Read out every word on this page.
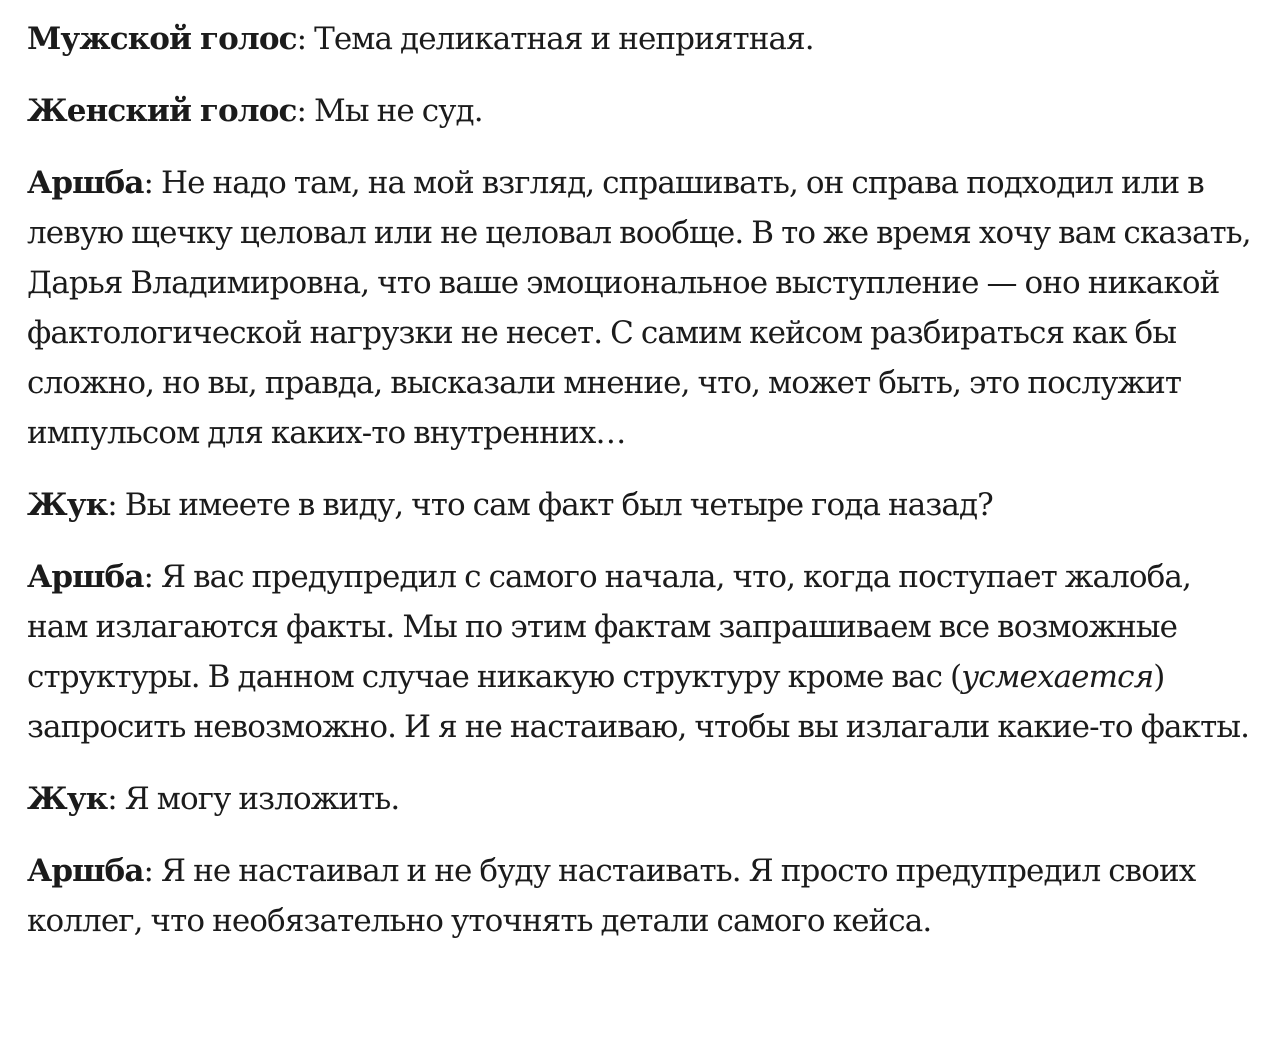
Мужской голос: Тема деликатная и неприятная.

Женский голос: Мы не суд.

Аршба: Не надо там, на мой взгляд, спрашивать, он справа подходил или в левую щечку целовал или не целовал вообще. В то же время хочу вам сказать, Дарья Владимировна, что ваше эмоциональное выступление — оно никакой фактологической нагрузки не несет. С самим кейсом разбираться как бы сложно, но вы, правда, высказали мнение, что, может быть, это послужит импульсом для каких-то внутренних…

Жук: Вы имеете в виду, что сам факт был четыре года назад?

Аршба: Я вас предупредил с самого начала, что, когда поступает жалоба, нам излагаются факты. Мы по этим фактам запрашиваем все возможные структуры. В данном случае никакую структуру кроме вас (усмехается) запросить невозможно. И я не настаиваю, чтобы вы излагали какие-то факты.

Жук: Я могу изложить.

Аршба: Я не настаивал и не буду настаивать. Я просто предупредил своих коллег, что необязательно уточнять детали самого кейса.
